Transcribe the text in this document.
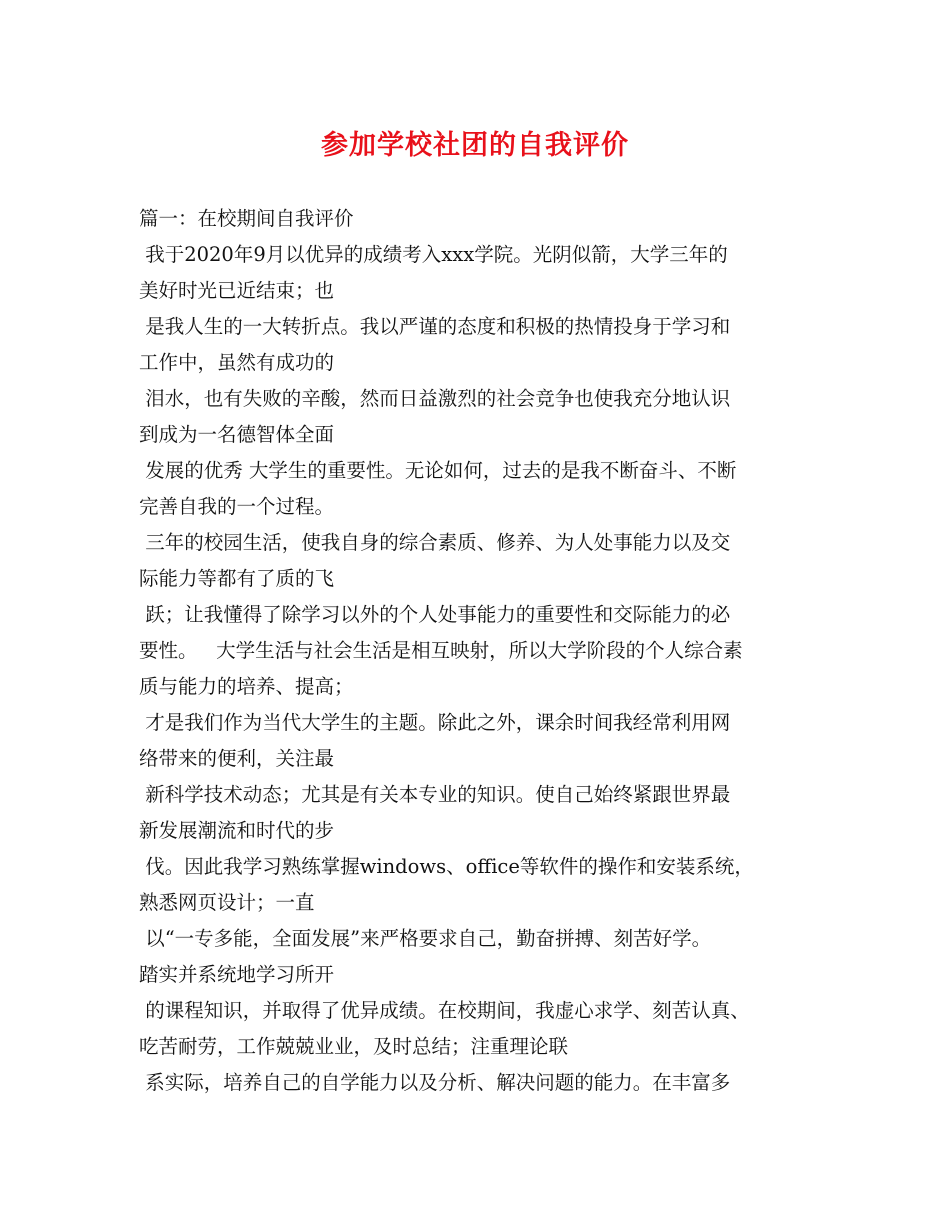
参加学校社团的自我评价

篇一：在校期间自我评价

我于2020年9月以优异的成绩考入xxx学院。光阴似箭，大学三年的

美好时光已近结束；也

是我人生的一大转折点。我以严谨的态度和积极的热情投身于学习和

工作中，虽然有成功的

泪水，也有失败的辛酸，然而日益激烈的社会竞争也使我充分地认识

到成为一名德智体全面

发展的优秀 大学生的重要性。无论如何，过去的是我不断奋斗、不断

完善自我的一个过程。

三年的校园生活，使我自身的综合素质、修养、为人处事能力以及交

际能力等都有了质的飞

跃；让我懂得了除学习以外的个人处事能力的重要性和交际能力的必

要性。   大学生活与社会生活是相互映射，所以大学阶段的个人综合素

质与能力的培养、提高；

才是我们作为当代大学生的主题。除此之外，课余时间我经常利用网

络带来的便利，关注最

新科学技术动态；尤其是有关本专业的知识。使自己始终紧跟世界最

新发展潮流和时代的步

伐。因此我学习熟练掌握windows、office等软件的操作和安装系统，

熟悉网页设计；一直

以“一专多能，全面发展”来严格要求自己，勤奋拼搏、刻苦好学。

踏实并系统地学习所开

的课程知识，并取得了优异成绩。在校期间，我虚心求学、刻苦认真、

吃苦耐劳，工作兢兢业业，及时总结；注重理论联

系实际，培养自己的自学能力以及分析、解决问题的能力。在丰富多
